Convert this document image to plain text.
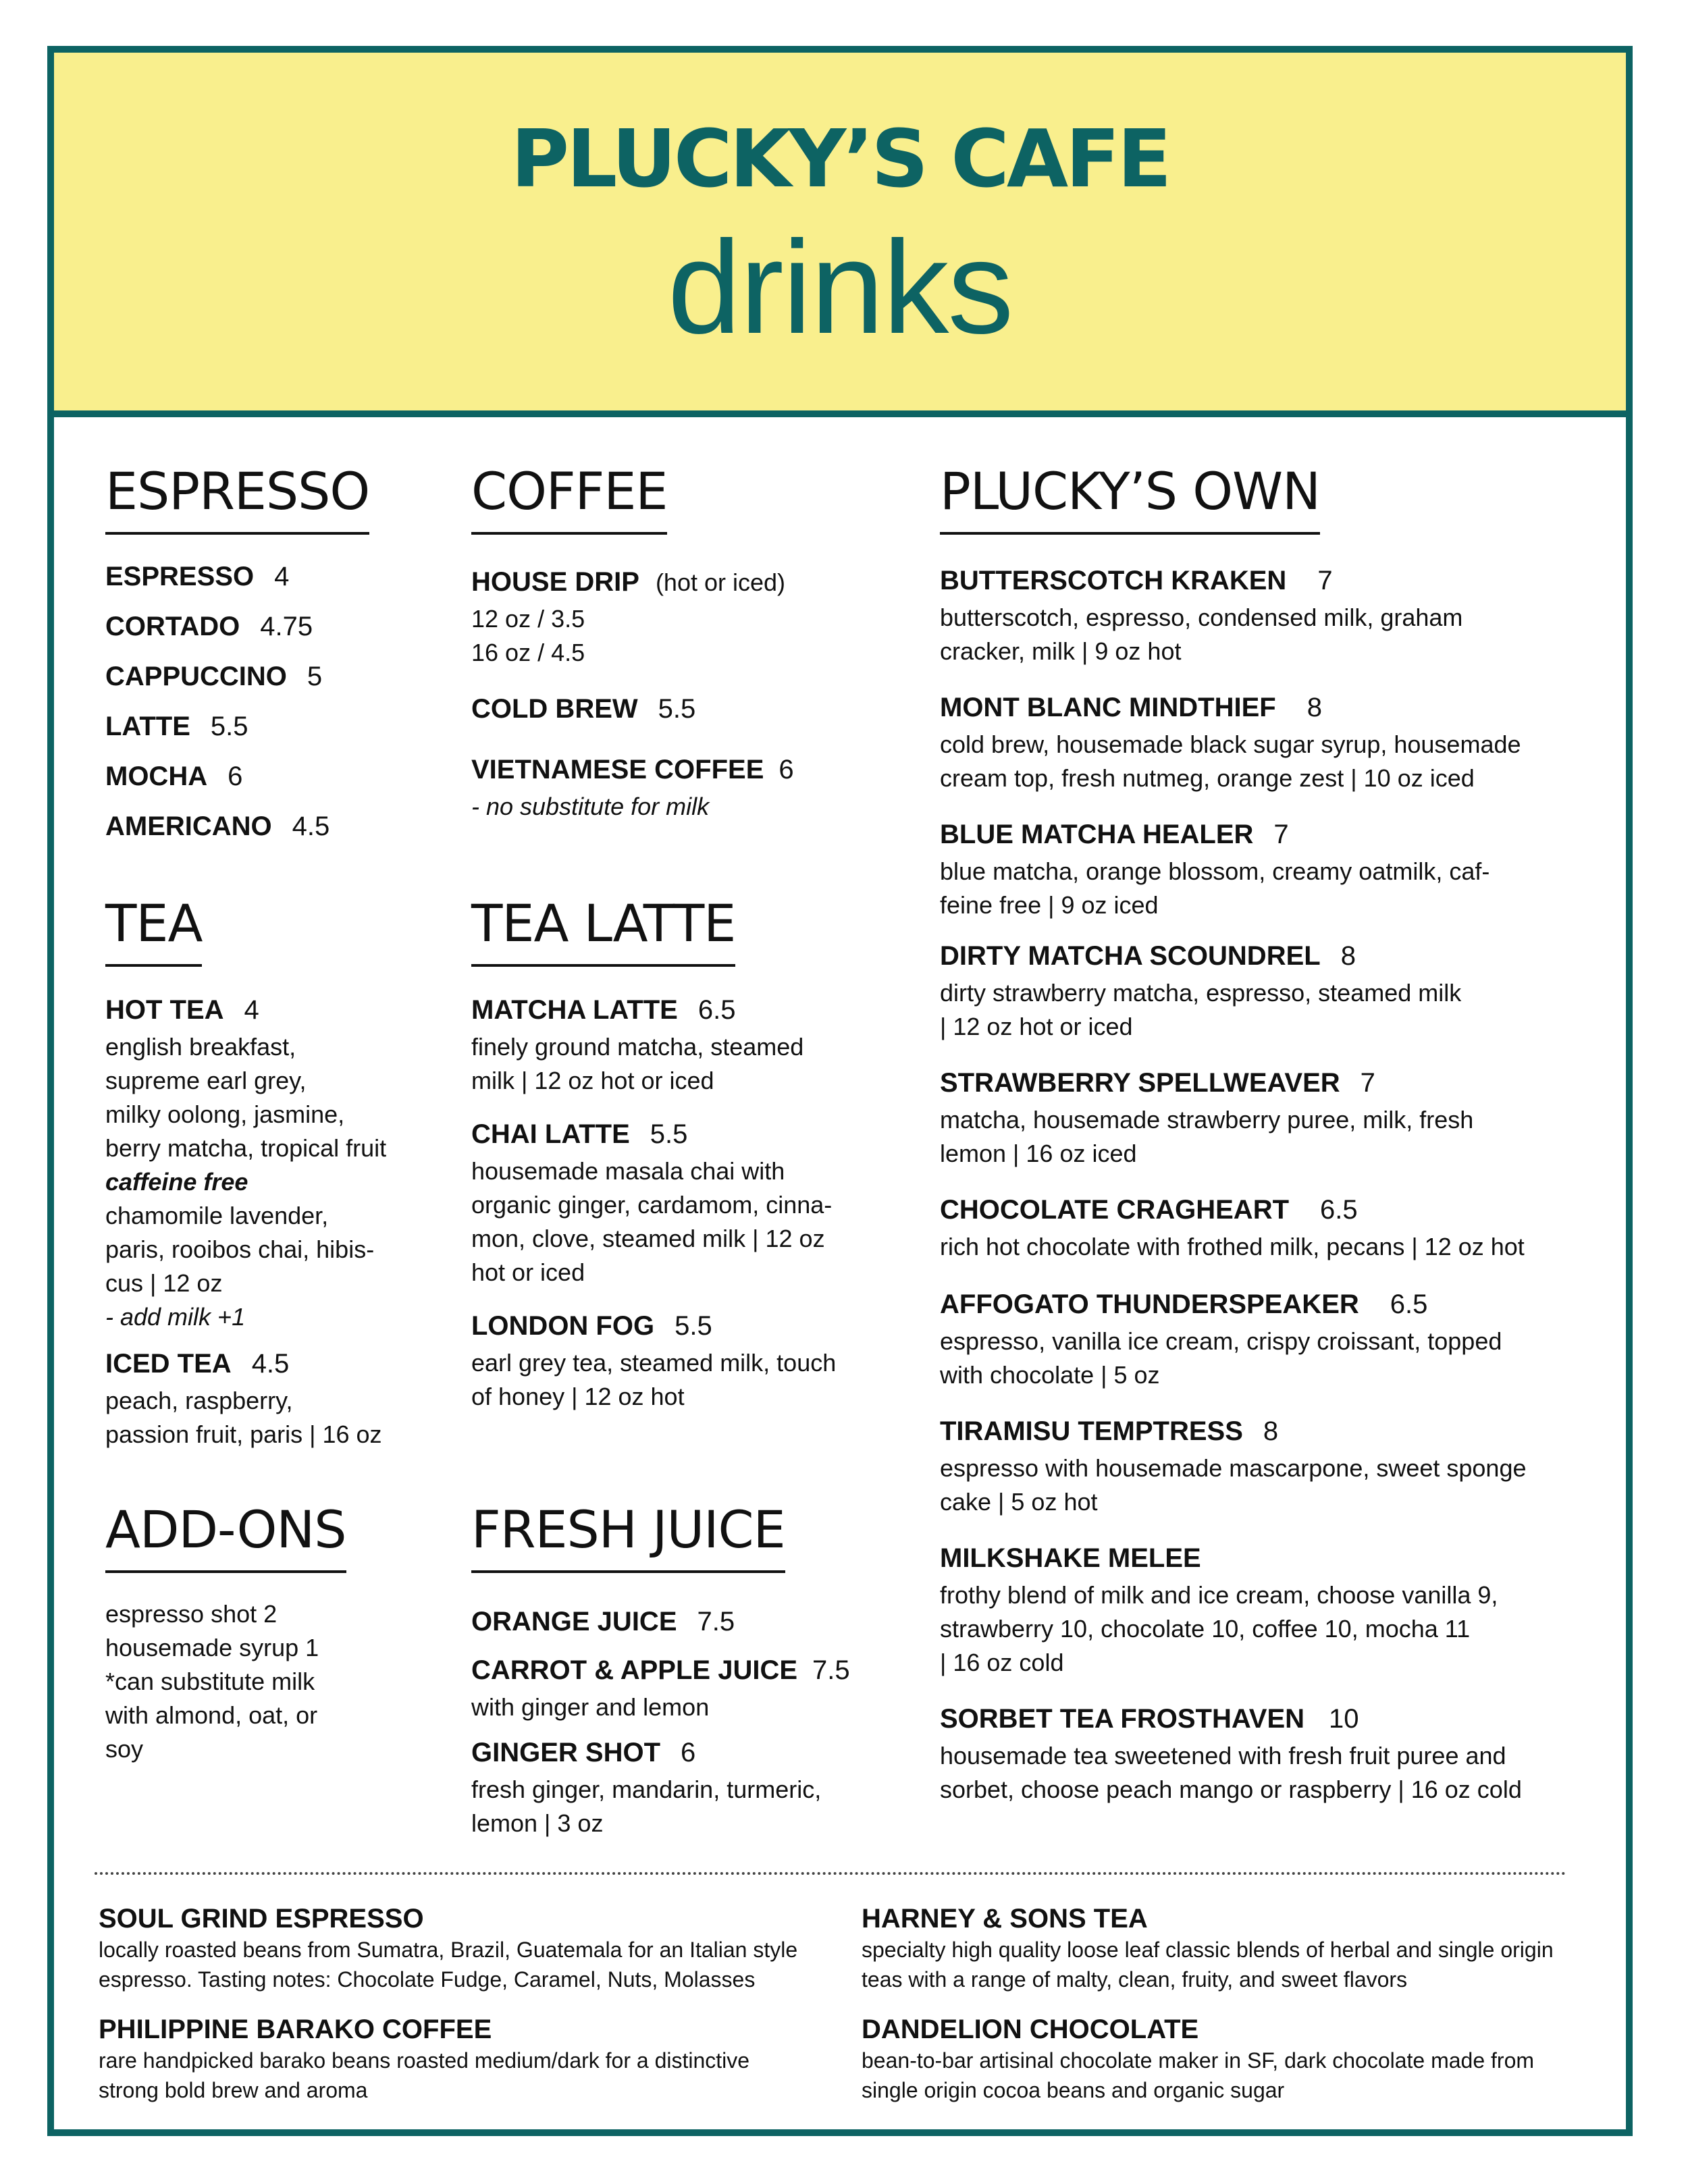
PLUCKY’S CAFE
drinks
ESPRESSO
ESPRESSO 4
CORTADO 4.75
CAPPUCCINO 5
LATTE 5.5
MOCHA 6
AMERICANO 4.5
TEA
HOT TEA 4
english breakfast,
supreme earl grey,
milky oolong, jasmine,
berry matcha, tropical fruit
caffeine free
chamomile lavender,
paris, rooibos chai, hibis-
cus | 12 oz
- add milk +1
ICED TEA 4.5
peach, raspberry,
passion fruit, paris | 16 oz
ADD-ONS
espresso shot 2
housemade syrup 1
*can substitute milk
with almond, oat, or
soy
COFFEE
HOUSE DRIP (hot or iced)
12 oz / 3.5
16 oz / 4.5
COLD BREW 5.5
VIETNAMESE COFFEE 6
- no substitute for milk
TEA LATTE
MATCHA LATTE 6.5
finely ground matcha, steamed
milk | 12 oz hot or iced
CHAI LATTE 5.5
housemade masala chai with
organic ginger, cardamom, cinna-
mon, clove, steamed milk | 12 oz
hot or iced
LONDON FOG 5.5
earl grey tea, steamed milk, touch
of honey | 12 oz hot
FRESH JUICE
ORANGE JUICE 7.5
CARROT & APPLE JUICE 7.5
with ginger and lemon
GINGER SHOT 6
fresh ginger, mandarin, turmeric,
lemon | 3 oz
PLUCKY’S OWN
BUTTERSCOTCH KRAKEN 7
butterscotch, espresso, condensed milk, graham
cracker, milk | 9 oz hot
MONT BLANC MINDTHIEF 8
cold brew, housemade black sugar syrup, housemade
cream top, fresh nutmeg, orange zest | 10 oz iced
BLUE MATCHA HEALER 7
blue matcha, orange blossom, creamy oatmilk, caf-
feine free | 9 oz iced
DIRTY MATCHA SCOUNDREL 8
dirty strawberry matcha, espresso, steamed milk
| 12 oz hot or iced
STRAWBERRY SPELLWEAVER 7
matcha, housemade strawberry puree, milk, fresh
lemon | 16 oz iced
CHOCOLATE CRAGHEART 6.5
rich hot chocolate with frothed milk, pecans | 12 oz hot
AFFOGATO THUNDERSPEAKER 6.5
espresso, vanilla ice cream, crispy croissant, topped
with chocolate | 5 oz
TIRAMISU TEMPTRESS 8
espresso with housemade mascarpone, sweet sponge
cake | 5 oz hot
MILKSHAKE MELEE
frothy blend of milk and ice cream, choose vanilla 9,
strawberry 10, chocolate 10, coffee 10, mocha 11
| 16 oz cold
SORBET TEA FROSTHAVEN 10
housemade tea sweetened with fresh fruit puree and
sorbet, choose peach mango or raspberry | 16 oz cold
SOUL GRIND ESPRESSO
locally roasted beans from Sumatra, Brazil, Guatemala for an Italian style
espresso. Tasting notes: Chocolate Fudge, Caramel, Nuts, Molasses
HARNEY & SONS TEA
specialty high quality loose leaf classic blends of herbal and single origin
teas with a range of malty, clean, fruity, and sweet flavors
PHILIPPINE BARAKO COFFEE
rare handpicked barako beans roasted medium/dark for a distinctive
strong bold brew and aroma
DANDELION CHOCOLATE
bean-to-bar artisinal chocolate maker in SF, dark chocolate made from
single origin cocoa beans and organic sugar
